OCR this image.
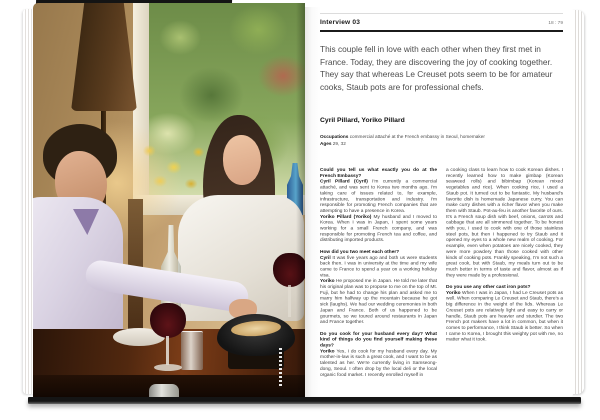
Interview 03	18 : 79
This couple fell in love with each other when they first met in France. Today, they are discovering the joy of cooking together. They say that whereas Le Creuset pots seem to be for amateur cooks, Staub pots are for professional chefs.
Cyril Pillard, Yoriko Pillard
Occupations commercial attaché at the French embassy in Seoul, homemaker
Ages 29, 32

Could you tell us what exactly you do at the French Embassy?

Cyril Pillard (Cyril) I'm currently a commercial attaché, and was sent to Korea two months ago. I'm taking care of issues related to, for example, infrastructure, transportation and industry. I'm responsible for promoting French companies that are attempting to have a presence in Korea.

Yoriko Pillard (Yoriko) My husband and I moved to Korea. When I was in Japan, I spent some years working for a small French company, and was responsible for promoting French tea and coffee, and distributing imported products.

How did you two meet each other?

Cyril It was five years ago and both us were students back then. I was in university at the time and my wife came to France to spend a year on a working holiday visa.

Yoriko He proposed me in Japan. He told me later that his original plan was to propose to me on the top of Mt. Fuji, but he had to change his plan and asked me to marry him halfway up the mountain because he got sick (laughs). We had our wedding ceremonies in both Japan and France. Both of us happened to be gourmets, so we toured around restaurants in Japan and France together.

Do you cook for your husband every day? What kind of things do you find yourself making these days?

Yoriko Yes, I do cook for my husband every day. My mother-in-law is such a great cook, and I want to be as talented as her. We're currently living in Samseong-dong, Seoul. I often drop by the local deli or the local organic food market. I recently enrolled myself in

a cooking class to learn how to cook Korean dishes. I recently learned how to make gimbap (Korean seaweed rolls) and bibimbap (Korean mixed vegetables and rice). When cooking rice, I used a Staub pot. It turned out to be fantastic. My husband's favorite dish is homemade Japanese curry. You can make curry dishes with a richer flavor when you make them with Staub. Pot-au-feu is another favorite of ours. It's a French soup dish with beef, onions, carrots and cabbage that are all simmered together. To be honest with you, I used to cook with one of those stainless steel pots, but then I happened to try Staub and it opened my eyes to a whole new realm of cooking. For example, even when potatoes are nicely cooked, they were more powdery than those cooked with other kinds of cooking pots. Frankly speaking, I'm not such a great cook, but with Staub, my meals turn out to be much better in terms of taste and flavor, almost as if they were made by a professional.

Do you use any other cast iron pots?

Yoriko When I was in Japan, I had Le Creuset pots as well. When comparing Le Creuset and Staub, there's a big difference in the weight of the lids. Whereas Le Creuset pots are relatively light and easy to carry or handle, Staub pots are heavier and sturdier. The two French pot makers have a lot in common, but when it comes to performance, I think Staub is better. So when I came to Korea, I brought this weighty pot with me, no matter what it took.
